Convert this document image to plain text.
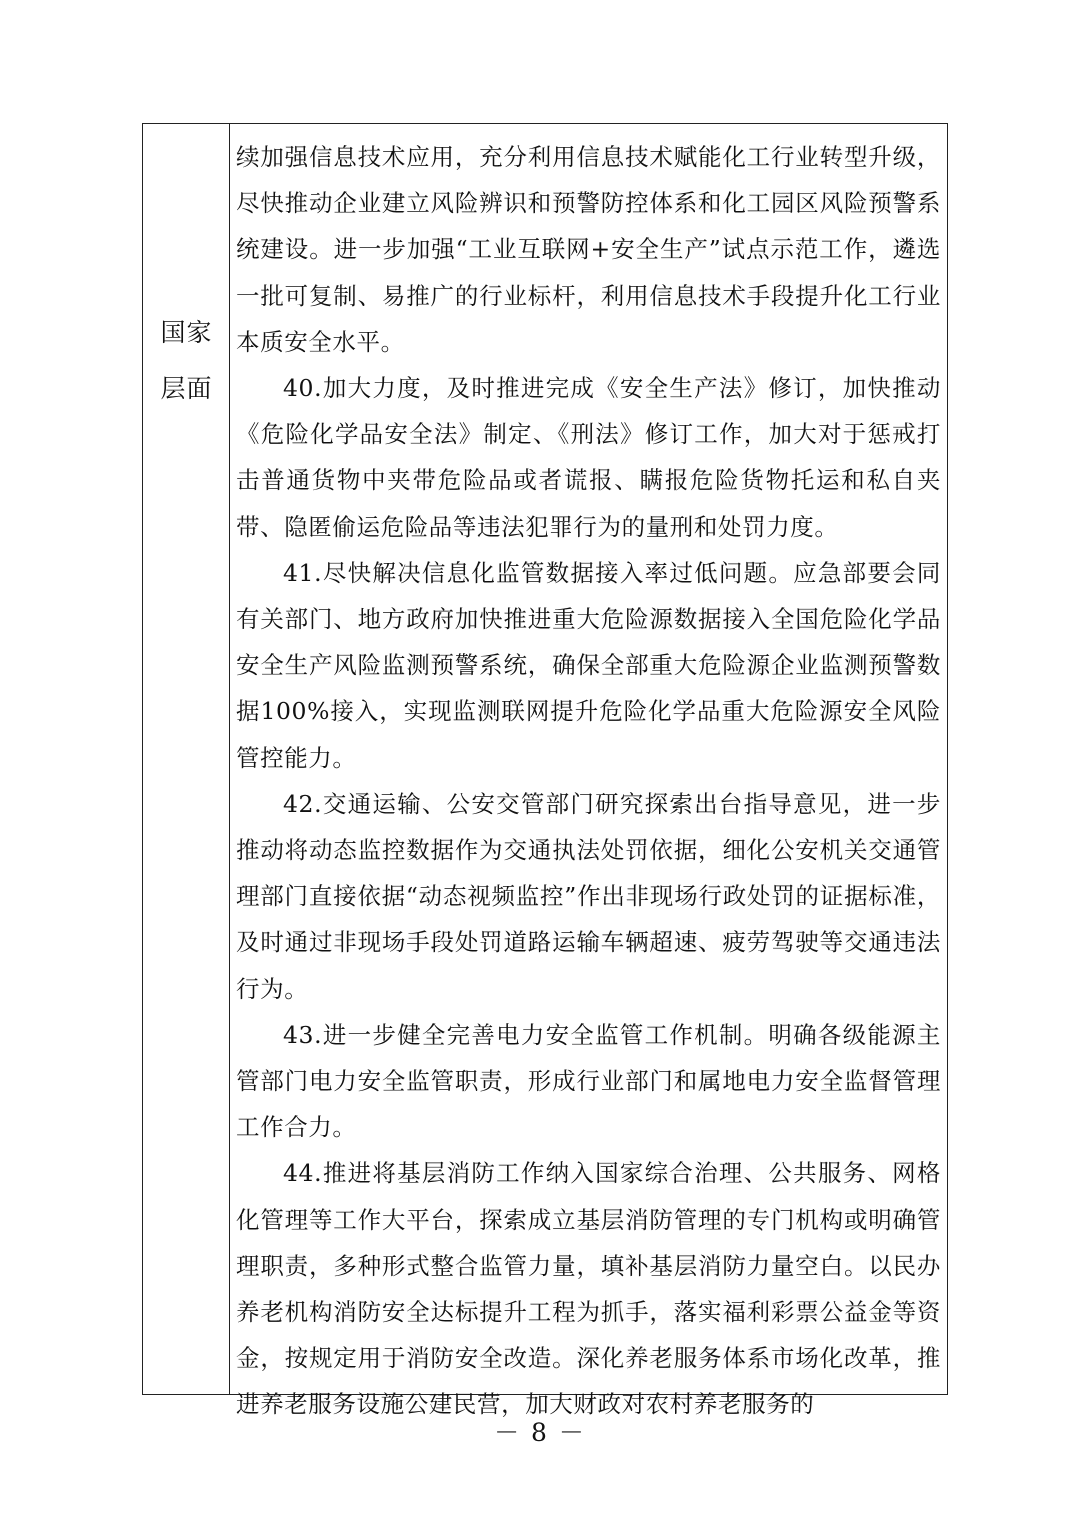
国家层面

续加强信息技术应用，充分利用信息技术赋能化工行业转型升级，尽快推动企业建立风险辨识和预警防控体系和化工园区风险预警系统建设。进一步加强“工业互联网+安全生产”试点示范工作，遴选一批可复制、易推广的行业标杆，利用信息技术手段提升化工行业本质安全水平。

40.加大力度，及时推进完成《安全生产法》修订，加快推动《危险化学品安全法》制定、《刑法》修订工作，加大对于惩戒打击普通货物中夹带危险品或者谎报、瞒报危险货物托运和私自夹带、隐匿偷运危险品等违法犯罪行为的量刑和处罚力度。

41.尽快解决信息化监管数据接入率过低问题。应急部要会同有关部门、地方政府加快推进重大危险源数据接入全国危险化学品安全生产风险监测预警系统，确保全部重大危险源企业监测预警数据100%接入，实现监测联网提升危险化学品重大危险源安全风险管控能力。

42.交通运输、公安交管部门研究探索出台指导意见，进一步推动将动态监控数据作为交通执法处罚依据，细化公安机关交通管理部门直接依据“动态视频监控”作出非现场行政处罚的证据标准，及时通过非现场手段处罚道路运输车辆超速、疲劳驾驶等交通违法行为。

43.进一步健全完善电力安全监管工作机制。明确各级能源主管部门电力安全监管职责，形成行业部门和属地电力安全监督管理工作合力。

44.推进将基层消防工作纳入国家综合治理、公共服务、网格化管理等工作大平台，探索成立基层消防管理的专门机构或明确管理职责，多种形式整合监管力量，填补基层消防力量空白。以民办养老机构消防安全达标提升工程为抓手，落实福利彩票公益金等资金，按规定用于消防安全改造。深化养老服务体系市场化改革，推进养老服务设施公建民营，加大财政对农村养老服务的

－ 8 －
